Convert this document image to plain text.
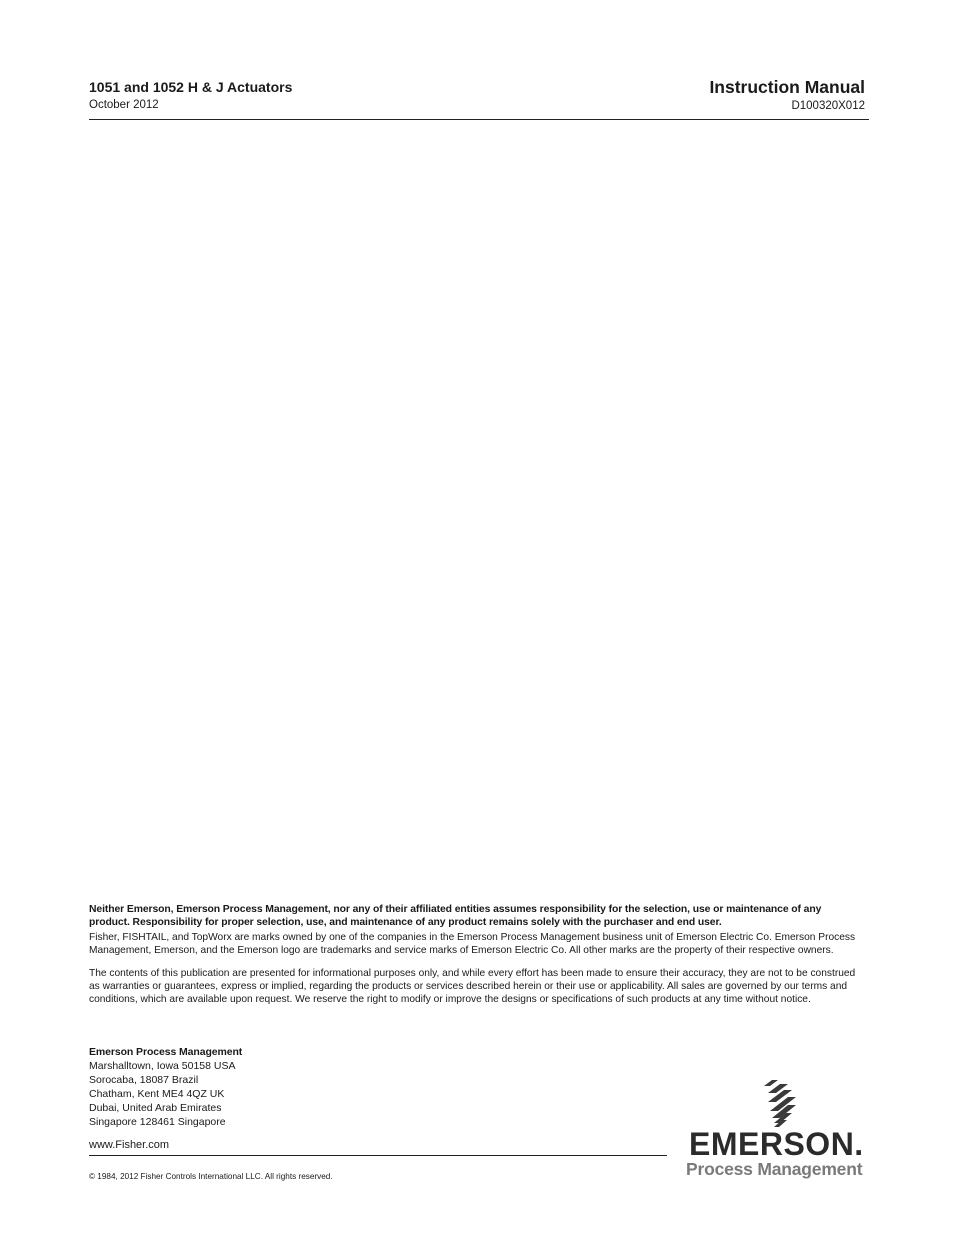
1051 and 1052 H & J Actuators
October 2012
Instruction Manual
D100320X012

Neither Emerson, Emerson Process Management, nor any of their affiliated entities assumes responsibility for the selection, use or maintenance of any product. Responsibility for proper selection, use, and maintenance of any product remains solely with the purchaser and end user.

Fisher, FISHTAIL, and TopWorx are marks owned by one of the companies in the Emerson Process Management business unit of Emerson Electric Co. Emerson Process Management, Emerson, and the Emerson logo are trademarks and service marks of Emerson Electric Co. All other marks are the property of their respective owners.

The contents of this publication are presented for informational purposes only, and while every effort has been made to ensure their accuracy, they are not to be construed as warranties or guarantees, express or implied, regarding the products or services described herein or their use or applicability. All sales are governed by our terms and conditions, which are available upon request. We reserve the right to modify or improve the designs or specifications of such products at any time without notice.

Emerson Process Management
Marshalltown, Iowa 50158 USA
Sorocaba, 18087 Brazil
Chatham, Kent ME4 4QZ UK
Dubai, United Arab Emirates
Singapore 128461 Singapore
www.Fisher.com
© 1984, 2012 Fisher Controls International LLC. All rights reserved.
EMERSON.
Process Management
